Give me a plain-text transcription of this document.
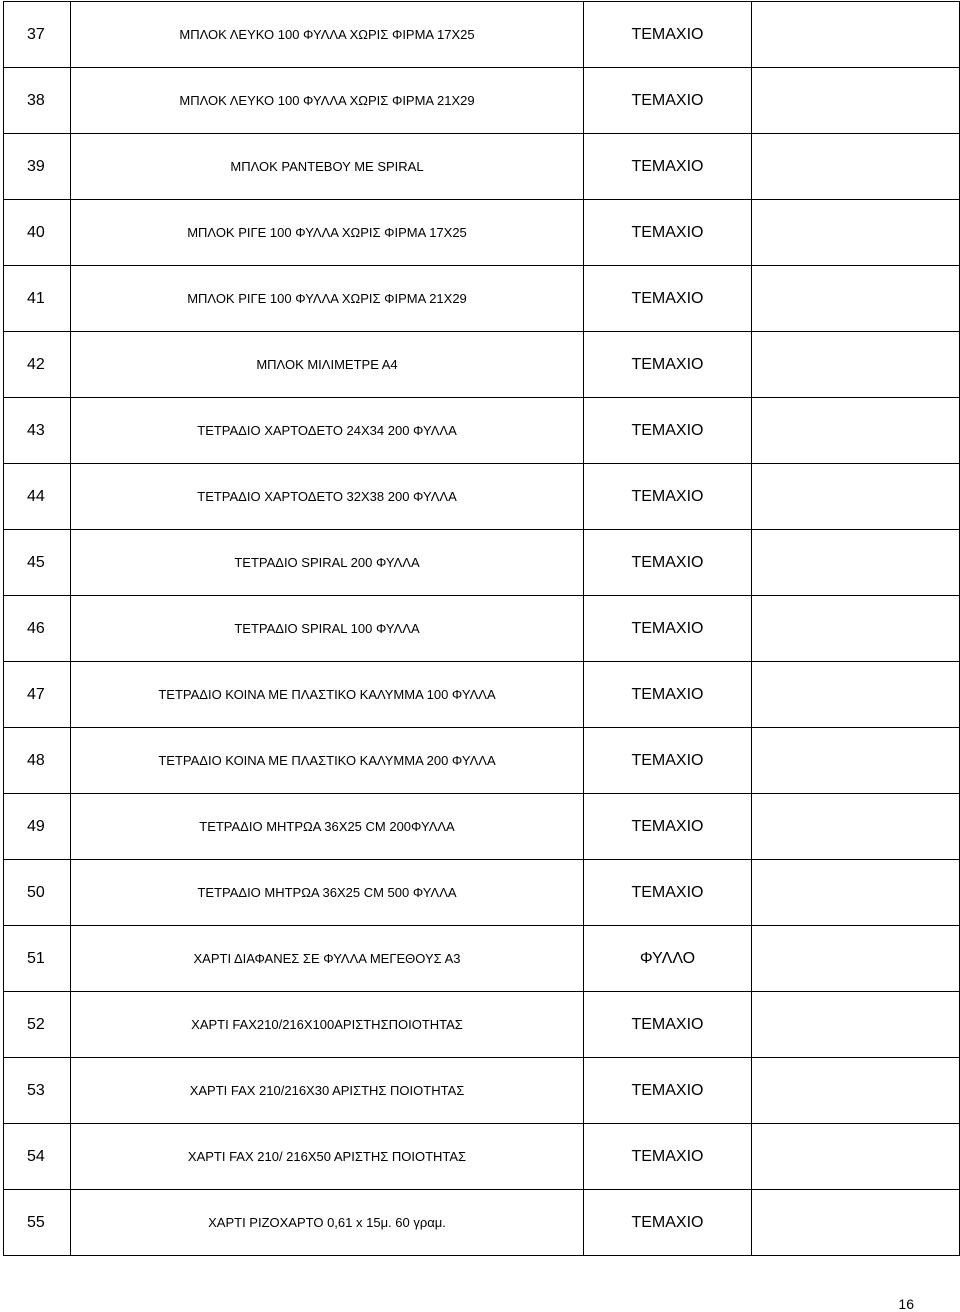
37	ΜΠΛΟΚ ΛΕΥΚΟ 100 ΦΥΛΛΑ ΧΩΡΙΣ ΦΙΡΜΑ 17Χ25	ΤΕΜΑΧΙΟ	
38	ΜΠΛΟΚ ΛΕΥΚΟ 100 ΦΥΛΛΑ ΧΩΡΙΣ ΦΙΡΜΑ 21Χ29	ΤΕΜΑΧΙΟ	
39	ΜΠΛΟΚ ΡΑΝΤΕΒΟΥ ΜΕ SPIRAL	ΤΕΜΑΧΙΟ	
40	ΜΠΛΟΚ ΡΙΓΕ 100 ΦΥΛΛΑ ΧΩΡΙΣ ΦΙΡΜΑ 17Χ25	ΤΕΜΑΧΙΟ	
41	ΜΠΛΟΚ ΡΙΓΕ 100 ΦΥΛΛΑ ΧΩΡΙΣ ΦΙΡΜΑ 21Χ29	ΤΕΜΑΧΙΟ	
42	ΜΠΛΟΚ ΜΙΛΙΜΕΤΡΕ Α4	ΤΕΜΑΧΙΟ	
43	ΤΕΤΡΑΔΙΟ ΧΑΡΤΟΔΕΤΟ 24Χ34 200 ΦΥΛΛΑ	ΤΕΜΑΧΙΟ	
44	ΤΕΤΡΑΔΙΟ ΧΑΡΤΟΔΕΤΟ 32Χ38 200 ΦΥΛΛΑ	ΤΕΜΑΧΙΟ	
45	ΤΕΤΡΑΔΙΟ SPIRAL 200 ΦΥΛΛΑ	ΤΕΜΑΧΙΟ	
46	ΤΕΤΡΑΔΙΟ SPIRAL 100 ΦΥΛΛΑ	ΤΕΜΑΧΙΟ	
47	ΤΕΤΡΑΔΙΟ ΚΟΙΝΑ ΜΕ ΠΛΑΣΤΙΚΟ ΚΑΛΥΜΜΑ 100 ΦΥΛΛΑ	ΤΕΜΑΧΙΟ	
48	ΤΕΤΡΑΔΙΟ ΚΟΙΝΑ ΜΕ ΠΛΑΣΤΙΚΟ ΚΑΛΥΜΜΑ 200 ΦΥΛΛΑ	ΤΕΜΑΧΙΟ	
49	ΤΕΤΡΑΔΙΟ ΜΗΤΡΩΑ 36Χ25 CM 200ΦΥΛΛΑ	ΤΕΜΑΧΙΟ	
50	ΤΕΤΡΑΔΙΟ ΜΗΤΡΩΑ 36Χ25 CM 500 ΦΥΛΛΑ	ΤΕΜΑΧΙΟ	
51	ΧΑΡΤΙ ΔΙΑΦΑΝΕΣ ΣΕ ΦΥΛΛΑ ΜΕΓΕΘΟΥΣ Α3	ΦΥΛΛΟ	
52	ΧΑΡΤΙ FAX210/216Χ100ΑΡΙΣΤΗΣΠΟΙΟΤΗΤΑΣ	ΤΕΜΑΧΙΟ	
53	ΧΑΡΤΙ FAX 210/216Χ30 ΑΡΙΣΤΗΣ ΠΟΙΟΤΗΤΑΣ	ΤΕΜΑΧΙΟ	
54	ΧΑΡΤΙ FAX 210/ 216Χ50 ΑΡΙΣΤΗΣ ΠΟΙΟΤΗΤΑΣ	ΤΕΜΑΧΙΟ	
55	ΧΑΡΤΙ ΡΙΖΟΧΑΡΤΟ 0,61 x 15μ. 60 γραμ.	ΤΕΜΑΧΙΟ	
16
